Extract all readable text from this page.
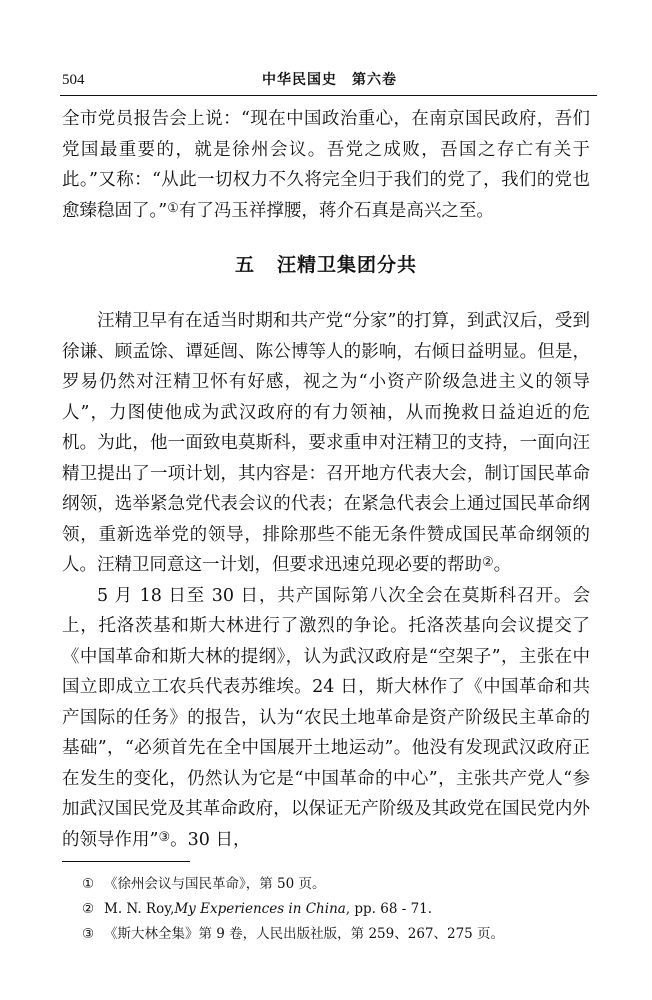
504	中华民国史　第六卷

全市党员报告会上说：“现在中国政治重心，在南京国民政府，吾们党国最重要的，就是徐州会议。吾党之成败，吾国之存亡有关于此。”又称：“从此一切权力不久将完全归于我们的党了，我们的党也愈臻稳固了。”①有了冯玉祥撑腰，蒋介石真是高兴之至。

五 汪精卫集团分共

汪精卫早有在适当时期和共产党“分家”的打算，到武汉后，受到徐谦、顾孟馀、谭延闿、陈公博等人的影响，右倾日益明显。但是，罗易仍然对汪精卫怀有好感，视之为“小资产阶级急进主义的领导人”，力图使他成为武汉政府的有力领袖，从而挽救日益迫近的危机。为此，他一面致电莫斯科，要求重申对汪精卫的支持，一面向汪精卫提出了一项计划，其内容是：召开地方代表大会，制订国民革命纲领，选举紧急党代表会议的代表；在紧急代表会上通过国民革命纲领，重新选举党的领导，排除那些不能无条件赞成国民革命纲领的人。汪精卫同意这一计划，但要求迅速兑现必要的帮助②。

5 月 18 日至 30 日，共产国际第八次全会在莫斯科召开。会上，托洛茨基和斯大林进行了激烈的争论。托洛茨基向会议提交了《中国革命和斯大林的提纲》，认为武汉政府是“空架子”，主张在中国立即成立工农兵代表苏维埃。24 日，斯大林作了《中国革命和共产国际的任务》的报告，认为“农民土地革命是资产阶级民主革命的基础”，“必须首先在全中国展开土地运动”。他没有发现武汉政府正在发生的变化，仍然认为它是“中国革命的中心”，主张共产党人“参加武汉国民党及其革命政府，以保证无产阶级及其政党在国民党内外的领导作用”③。30 日，

① 《徐州会议与国民革命》，第 50 页。
② M. N. Roy,My Experiences in China, pp. 68 - 71.
③ 《斯大林全集》第 9 卷，人民出版社版，第 259、267、275 页。
